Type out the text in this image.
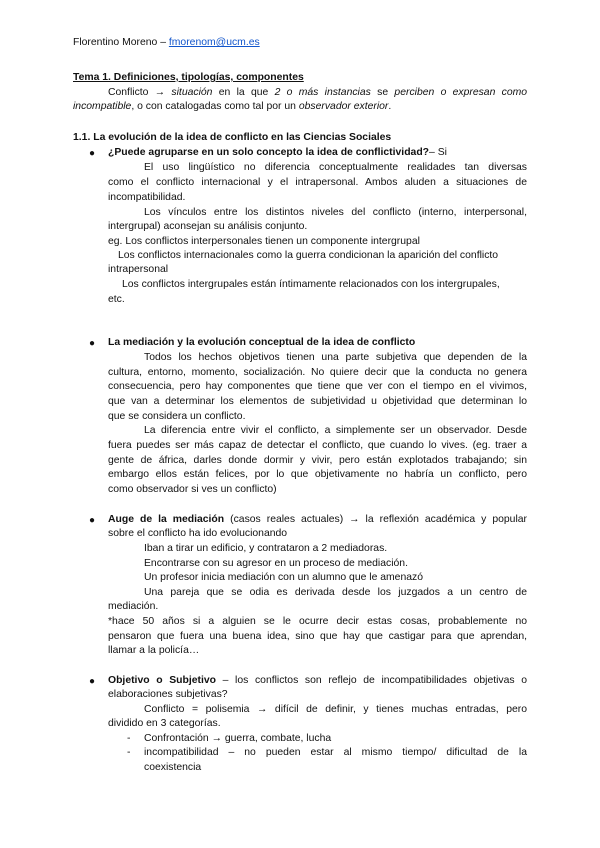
Florentino Moreno – fmorenom@ucm.es
Tema 1. Definiciones, tipologías, componentes
Conflicto → situación en la que 2 o más instancias se perciben o expresan como
incompatible, o con catalogadas como tal por un observador exterior.
1.1. La evolución de la idea de conflicto en las Ciencias Sociales
● ¿Puede agruparse en un solo concepto la idea de conflictividad?– Si
El uso lingüístico no diferencia conceptualmente realidades tan diversas
como el conflicto internacional y el intrapersonal. Ambos aluden a situaciones de
incompatibilidad.
Los vínculos entre los distintos niveles del conflicto (interno, interpersonal,
intergrupal) aconsejan su análisis conjunto.
eg. Los conflictos interpersonales tienen un componente intergrupal
Los conflictos internacionales como la guerra condicionan la aparición del conflicto
intrapersonal
Los conflictos intergrupales están íntimamente relacionados con los intergrupales,
etc.
● La mediación y la evolución conceptual de la idea de conflicto
Todos los hechos objetivos tienen una parte subjetiva que dependen de la
cultura, entorno, momento, socialización. No quiere decir que la conducta no genera
consecuencia, pero hay componentes que tiene que ver con el tiempo en el vivimos,
que van a determinar los elementos de subjetividad u objetividad que determinan lo
que se considera un conflicto.
La diferencia entre vivir el conflicto, a simplemente ser un observador. Desde
fuera puedes ser más capaz de detectar el conflicto, que cuando lo vives. (eg. traer a
gente de áfrica, darles donde dormir y vivir, pero están explotados trabajando; sin
embargo ellos están felices, por lo que objetivamente no habría un conflicto, pero
como observador si ves un conflicto)
● Auge de la mediación (casos reales actuales) → la reflexión académica y popular
sobre el conflicto ha ido evolucionando
Iban a tirar un edificio, y contrataron a 2 mediadoras.
Encontrarse con su agresor en un proceso de mediación.
Un profesor inicia mediación con un alumno que le amenazó
Una pareja que se odia es derivada desde los juzgados a un centro de
mediación.
*hace 50 años si a alguien se le ocurre decir estas cosas, probablemente no
pensaron que fuera una buena idea, sino que hay que castigar para que aprendan,
llamar a la policía…
● Objetivo o Subjetivo – los conflictos son reflejo de incompatibilidades objetivas o
elaboraciones subjetivas?
Conflicto = polisemia → difícil de definir, y tienes muchas entradas, pero
dividido en 3 categorías.
- Confrontación → guerra, combate, lucha
- incompatibilidad – no pueden estar al mismo tiempo/ dificultad de la
coexistencia
